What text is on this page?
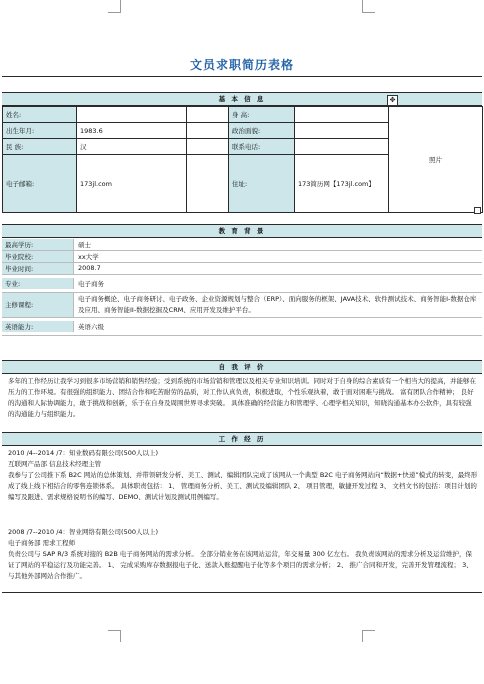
文员求职简历表格
基 本 信 息	✥
姓名:			身 高:		照片
出生年月:	1983.6		政治面貌:		
民 族:	汉		联系电话:		
电子邮箱:	173jl.com		住址:	173简历网【173jl.com】	
教 育 背 景
最高学历:	硕士
毕业院校:	xx大学
毕业时间:	2008.7
专业:	电子商务
主修课程:
电子商务概论、电子商务研讨、电子政务、企业资源规划与整合（ERP）、面向服务的框架、JAVA技术、软件测试技术、商务智能I-数据仓库及应用、商务智能II-数据挖掘及CRM、应用开发及维护平台。
英语能力:	英语六级
自 我 评 价
多年的工作经历让我学习到很多市场营销和销售经验；受到系统的市场营销和管理以及相关专业知识培训。同时对于自身的综合素质有一个相当大的提高，并能够在压力的工作环境。有很强的组织能力、团结合作和吃苦耐劳的品质，对工作认真负责，积极进取，个性乐观执着，敢于面对困难与挑战。 富有团队合作精神； 良好的沟通和人际协调能力，敢于挑战和创新，乐于在自身及周围世界寻求突破。 具体准确的经营能力和管理学、心理学相关知识，知晓沟通基本办公软件，具有较强的沟通能力与组织能力。
工 作 经 历
2010 /4--2014 /7：知业数码有限公司(500人以上)
互联网产品部 信息技术经理主管
我参与了公司推下系 B2C 网站的总体策划、并带领研发分析、美工、测试、编辑团队完成了该网从一个典型 B2C 电子商务网站向“数据+快递”模式的转变，最终形成了线上线下相结合的零售连锁体系。 具体职责包括： 1、 管理商务分析、美工、测试及编辑团队 2、 项目管理，敏捷开发过程 3、 文档文书的包括：项目计划的编写及跟进、需求规格说明书的编写、DEMO、测试计划及测试用例编写。
2008 /7--2010 /4：智业网络有限公司(500人以上)
电子商务部 需求工程师
负责公司与 SAP R/3 系统对接的 B2B 电子商务网站的需求分析。 全部分销业务在该网站运营，年交易量 300 亿左右。 我负责该网站的需求分析及运营维护，保证了网站的平稳运行及功能完善。 1、 完成采购库存数据报电子化、送款入账提醒电子化等多个项目的需求分析； 2、 推广合同和开发，完善开发管理流程； 3、 与其他外部网站合作推广。
